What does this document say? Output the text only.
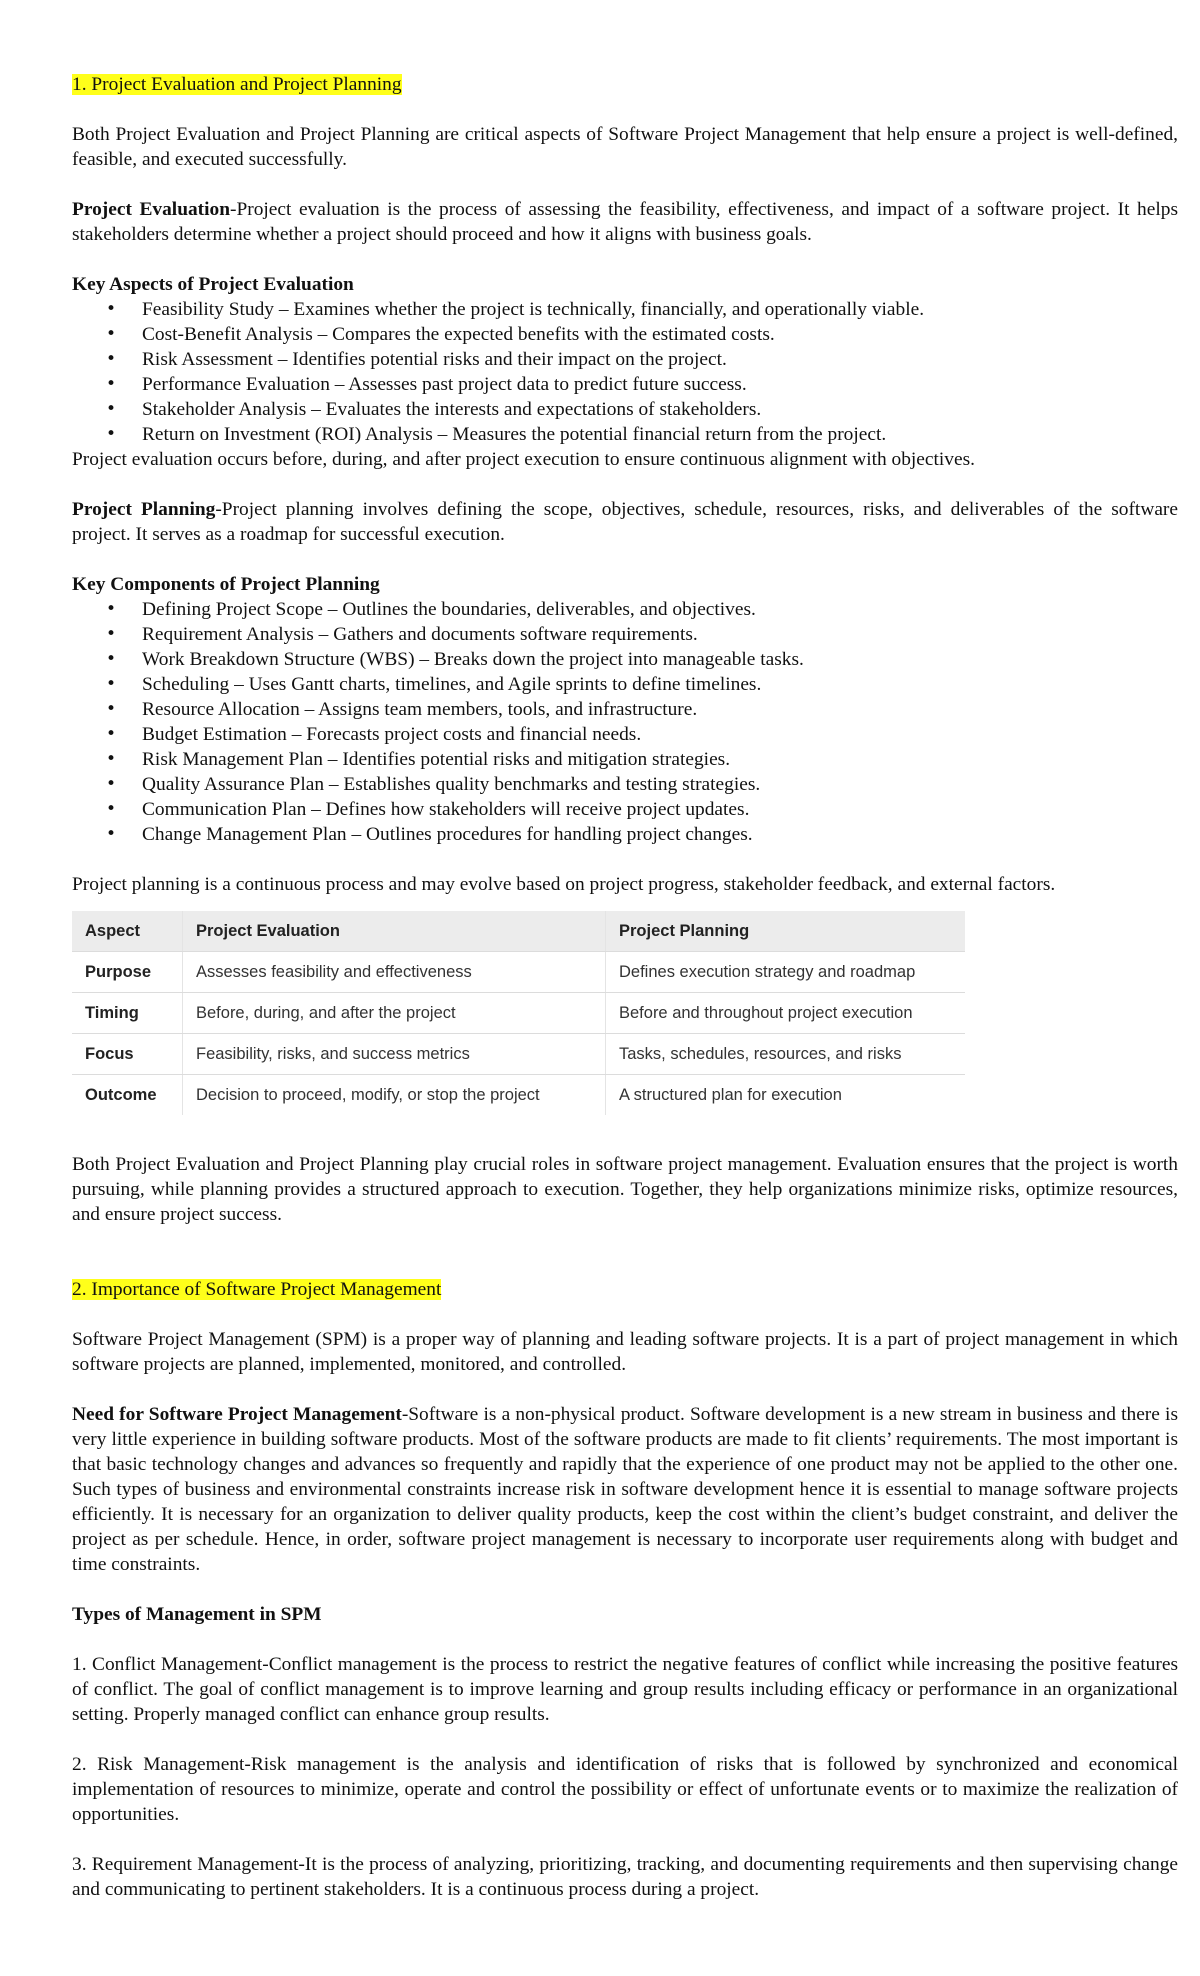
1. Project Evaluation and Project Planning

Both Project Evaluation and Project Planning are critical aspects of Software Project Management that help ensure a project is well-defined, feasible, and executed successfully.

Project Evaluation-Project evaluation is the process of assessing the feasibility, effectiveness, and impact of a software project. It helps stakeholders determine whether a project should proceed and how it aligns with business goals.

Key Aspects of Project Evaluation

• Feasibility Study – Examines whether the project is technically, financially, and operationally viable.
• Cost-Benefit Analysis – Compares the expected benefits with the estimated costs.
• Risk Assessment – Identifies potential risks and their impact on the project.
• Performance Evaluation – Assesses past project data to predict future success.
• Stakeholder Analysis – Evaluates the interests and expectations of stakeholders.
• Return on Investment (ROI) Analysis – Measures the potential financial return from the project.

Project evaluation occurs before, during, and after project execution to ensure continuous alignment with objectives.

Project Planning-Project planning involves defining the scope, objectives, schedule, resources, risks, and deliverables of the software project. It serves as a roadmap for successful execution.

Key Components of Project Planning

• Defining Project Scope – Outlines the boundaries, deliverables, and objectives.
• Requirement Analysis – Gathers and documents software requirements.
• Work Breakdown Structure (WBS) – Breaks down the project into manageable tasks.
• Scheduling – Uses Gantt charts, timelines, and Agile sprints to define timelines.
• Resource Allocation – Assigns team members, tools, and infrastructure.
• Budget Estimation – Forecasts project costs and financial needs.
• Risk Management Plan – Identifies potential risks and mitigation strategies.
• Quality Assurance Plan – Establishes quality benchmarks and testing strategies.
• Communication Plan – Defines how stakeholders will receive project updates.
• Change Management Plan – Outlines procedures for handling project changes.

Project planning is a continuous process and may evolve based on project progress, stakeholder feedback, and external factors.

Aspect	Project Evaluation	Project Planning
Purpose	Assesses feasibility and effectiveness	Defines execution strategy and roadmap
Timing	Before, during, and after the project	Before and throughout project execution
Focus	Feasibility, risks, and success metrics	Tasks, schedules, resources, and risks
Outcome	Decision to proceed, modify, or stop the project	A structured plan for execution

Both Project Evaluation and Project Planning play crucial roles in software project management. Evaluation ensures that the project is worth pursuing, while planning provides a structured approach to execution. Together, they help organizations minimize risks, optimize resources, and ensure project success.

2. Importance of Software Project Management

Software Project Management (SPM) is a proper way of planning and leading software projects. It is a part of project management in which software projects are planned, implemented, monitored, and controlled.

Need for Software Project Management-Software is a non-physical product. Software development is a new stream in business and there is very little experience in building software products. Most of the software products are made to fit clients’ requirements. The most important is that basic technology changes and advances so frequently and rapidly that the experience of one product may not be applied to the other one. Such types of business and environmental constraints increase risk in software development hence it is essential to manage software projects efficiently. It is necessary for an organization to deliver quality products, keep the cost within the client’s budget constraint, and deliver the project as per schedule. Hence, in order, software project management is necessary to incorporate user requirements along with budget and time constraints.

Types of Management in SPM

1. Conflict Management-Conflict management is the process to restrict the negative features of conflict while increasing the positive features of conflict. The goal of conflict management is to improve learning and group results including efficacy or performance in an organizational setting. Properly managed conflict can enhance group results.

2. Risk Management-Risk management is the analysis and identification of risks that is followed by synchronized and economical implementation of resources to minimize, operate and control the possibility or effect of unfortunate events or to maximize the realization of opportunities.

3. Requirement Management-It is the process of analyzing, prioritizing, tracking, and documenting requirements and then supervising change and communicating to pertinent stakeholders. It is a continuous process during a project.
